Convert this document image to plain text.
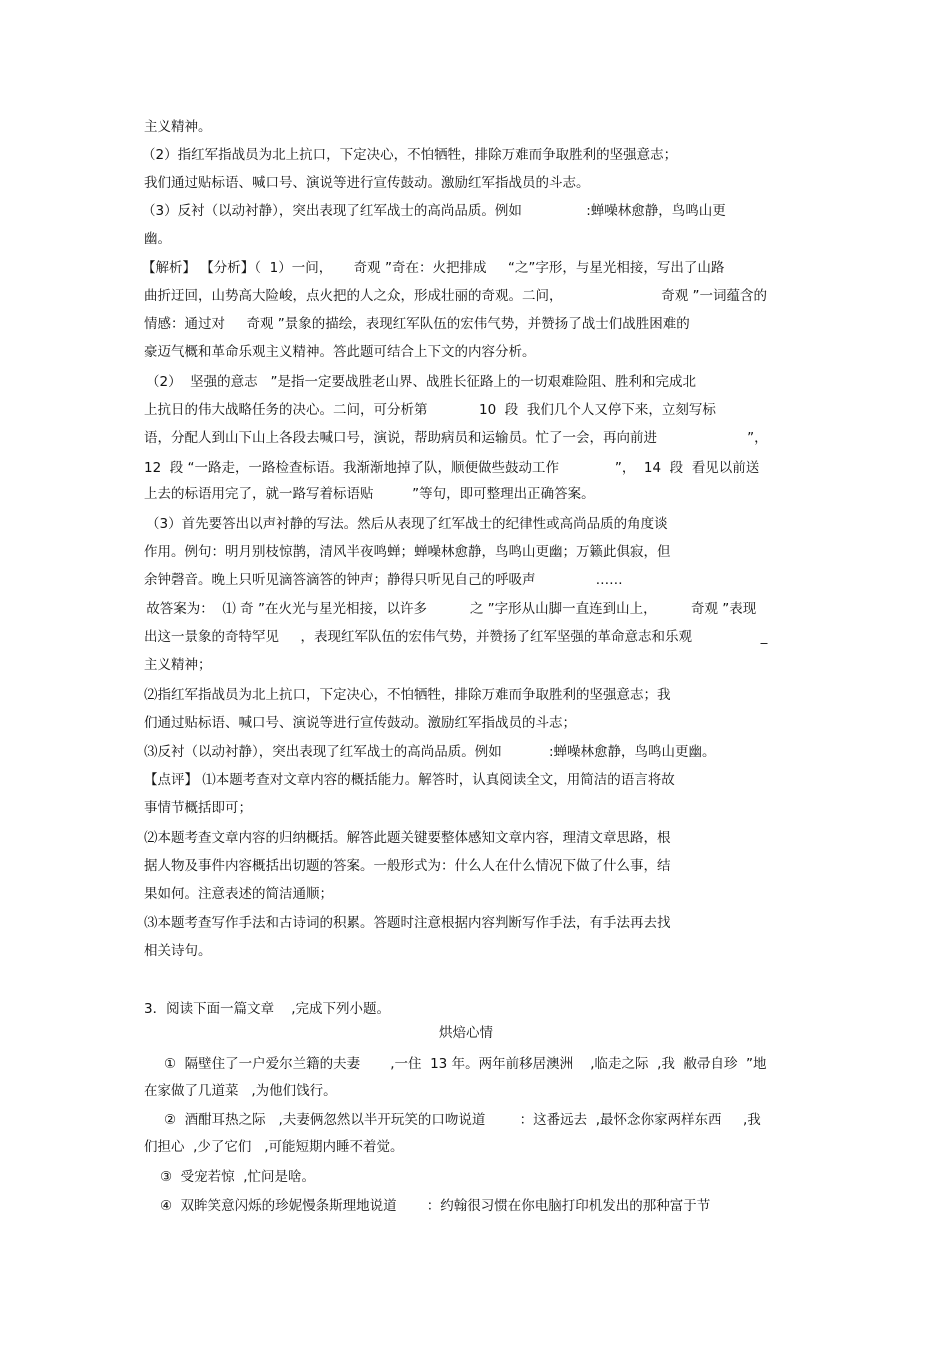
主义精神。
（2）指红军指战员为北上抗口，下定决心，不怕牺牲，排除万难而争取胜利的坚强意志；
我们通过贴标语、喊口号、演说等进行宣传鼓动。激励红军指战员的斗志。
（3）反衬（以动衬静），突出表现了红军战士的高尚品质。例如               :蝉噪林愈静，鸟鸣山更
幽。
【解析】 【分析】（  1）一问，     奇观 ”奇在：火把排成     “之”字形，与星光相接，写出了山路
曲折迂回，山势高大险峻，点火把的人之众，形成壮丽的奇观。二问，                       奇观 ”一词蕴含的
情感：通过对     奇观 ”景象的描绘，表现红军队伍的宏伟气势，并赞扬了战士们战胜困难的
豪迈气概和革命乐观主义精神。答此题可结合上下文的内容分析。
（2）  坚强的意志   ”是指一定要战胜老山界、战胜长征路上的一切艰难险阻、胜利和完成北
上抗日的伟大战略任务的决心。二问，可分析第            10  段  我们几个人又停下来，立刻写标
语，分配人到山下山上各段去喊口号，演说，帮助病员和运输员。忙了一会，再向前进                     ”，
12  段 “一路走，一路检查标语。我渐渐地掉了队，顺便做些鼓动工作             ”，  14  段  看见以前送
上去的标语用完了，就一路写着标语贴         ”等句，即可整理出正确答案。
（3）首先要答出以声衬静的写法。然后从表现了红军战士的纪律性或高尚品质的角度谈
作用。例句：明月别枝惊鹊，清风半夜鸣蝉；蝉噪林愈静，鸟鸣山更幽；万籁此俱寂，但
余钟磬音。晚上只听见滴答滴答的钟声；静得只听见自己的呼吸声              ……
故答案为：  ⑴ 奇 ”在火光与星光相接，以许多          之 ”字形从山脚一直连到山上，        奇观 ”表现
出这一景象的奇特罕见     ，表现红军队伍的宏伟气势，并赞扬了红军坚强的革命意志和乐观                _
主义精神；
⑵指红军指战员为北上抗口，下定决心，不怕牺牲，排除万难而争取胜利的坚强意志；我
们通过贴标语、喊口号、演说等进行宣传鼓动。激励红军指战员的斗志；
⑶反衬（以动衬静），突出表现了红军战士的高尚品质。例如           :蝉噪林愈静，鸟鸣山更幽。
【点评】 ⑴本题考查对文章内容的概括能力。解答时，认真阅读全文，用简洁的语言将故
事情节概括即可；
⑵本题考查文章内容的归纳概括。解答此题关键要整体感知文章内容，理清文章思路，根
据人物及事件内容概括出切题的答案。一般形式为：什么人在什么情况下做了什么事，结
果如何。注意表述的简洁通顺；
⑶本题考查写作手法和古诗词的积累。答题时注意根据内容判断写作手法，有手法再去找
相关诗句。
3．阅读下面一篇文章    ,完成下列小题。
烘焙心情
①  隔壁住了一户爱尔兰籍的夫妻       ,一住  13 年。两年前移居澳洲    ,临走之际  ,我  敝帚自珍  ”地
在家做了几道菜   ,为他们饯行。
②  酒酣耳热之际   ,夫妻俩忽然以半开玩笑的口吻说道        ：这番远去  ,最怀念你家两样东西     ,我
们担心  ,少了它们   ,可能短期内睡不着觉。
③  受宠若惊  ,忙问是啥。
④  双眸笑意闪烁的珍妮慢条斯理地说道       ：约翰很习惯在你电脑打印机发出的那种富于节
